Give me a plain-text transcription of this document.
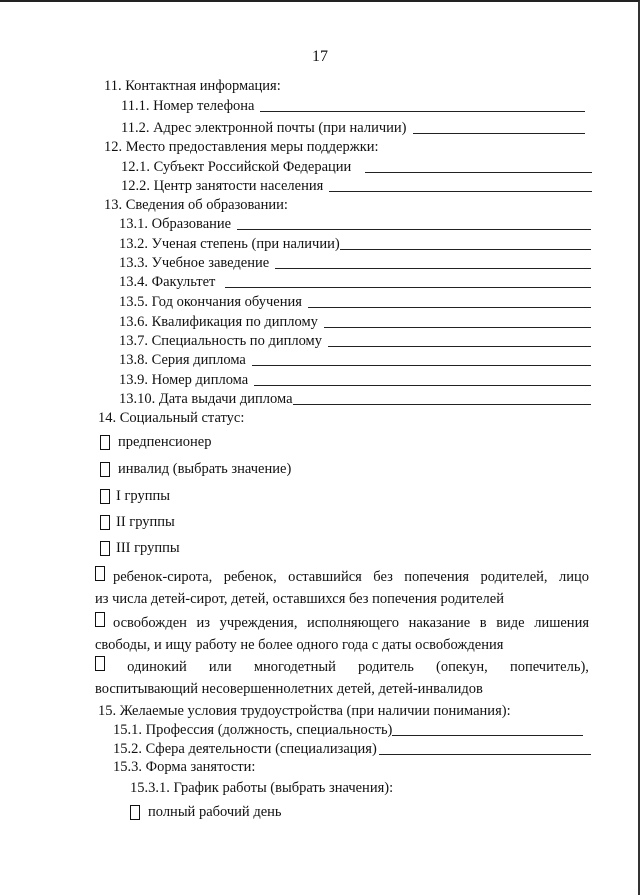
17
11. Контактная информация:
11.1. Номер телефона
11.2. Адрес электронной почты (при наличии)
12. Место предоставления меры поддержки:
12.1. Субъект Российской Федерации
12.2. Центр занятости населения
13. Сведения об образовании:
13.1. Образование
13.2. Ученая степень (при наличии)
13.3. Учебное заведение
13.4. Факультет
13.5. Год окончания обучения
13.6. Квалификация по диплому
13.7. Специальность по диплому
13.8. Серия диплома
13.9. Номер диплома
13.10. Дата выдачи диплома
14. Социальный статус:
предпенсионер
инвалид (выбрать значение)
I группы
II группы
III группы
ребенок-сирота, ребенок, оставшийся без попечения родителей, лицо
из числа детей-сирот, детей, оставшихся без попечения родителей
освобожден из учреждения, исполняющего наказание в виде лишения
свободы, и ищу работу не более одного года с даты освобождения
одинокий или многодетный родитель (опекун, попечитель),
воспитывающий несовершеннолетних детей, детей-инвалидов
15. Желаемые условия трудоустройства (при наличии понимания):
15.1. Профессия (должность, специальность)
15.2. Сфера деятельности (специализация)
15.3. Форма занятости:
15.3.1. График работы (выбрать значения):
полный рабочий день
